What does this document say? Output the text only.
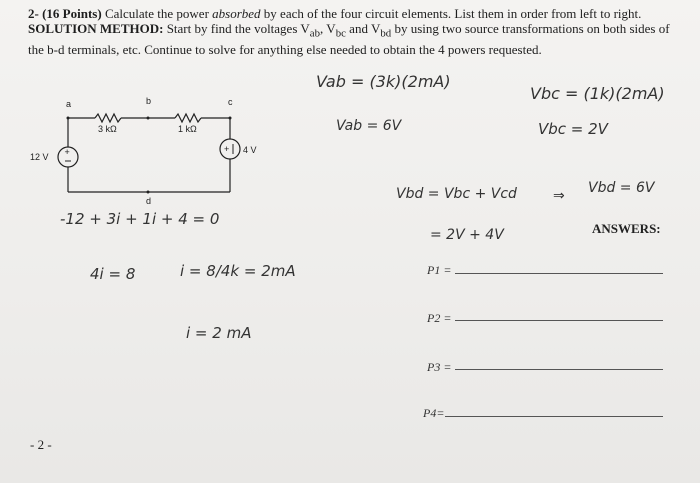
2- (16 Points) Calculate the power absorbed by each of the four circuit elements. List them in order from left to right. SOLUTION METHOD: Start by find the voltages $V_{ab}$, $V_{bc}$ and $V_{bd}$ by using two source transformations on both sides of the b-d terminals, etc. Continue to solve for anything else needed to obtain the 4 powers requested.
+	+
a	b	c
d
3 kΩ	1 kΩ
12 V
4 V
Vab = (3k)(2mA)
Vab = 6V
Vbc = (1k)(2mA)
Vbc = 2V
Vbd = Vbc + Vcd	⇒ Vbd = 6V
= 2V + 4V
-12 + 3i + 1i + 4 = 0
4i = 8	i = 8/4k = 2mA
i = 2 mA
ANSWERS:
P1 =
P2 =
P3 =
P4=
- 2 -
